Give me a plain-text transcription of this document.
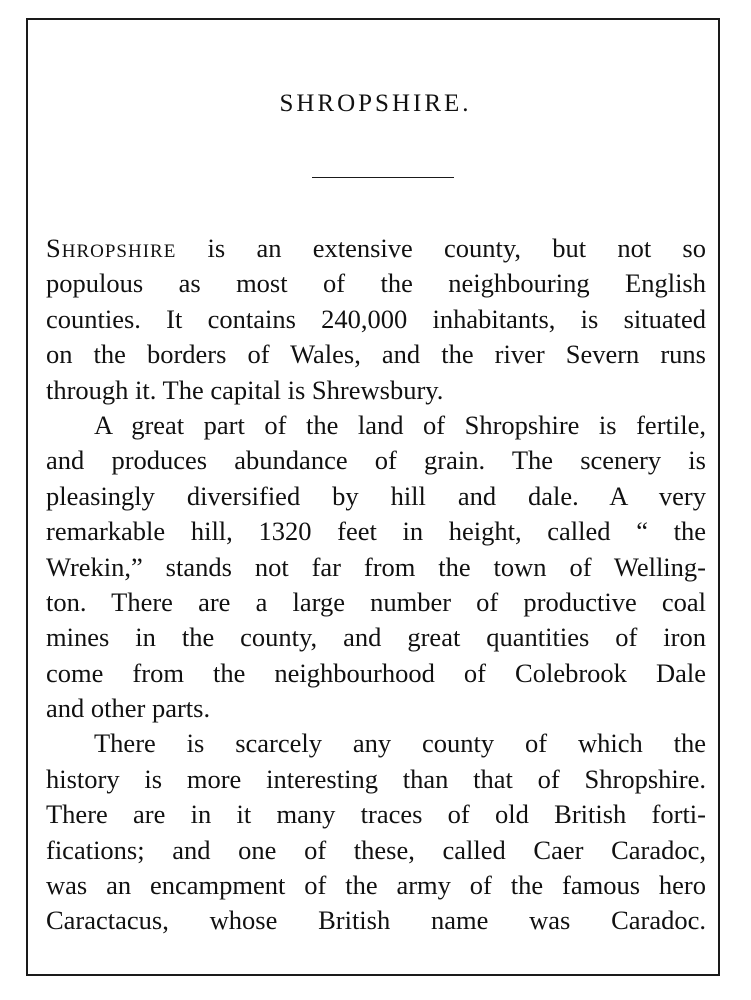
SHROPSHIRE.
Shropshire is an extensive county, but not so
populous as most of the neighbouring English
counties. It contains 240,000 inhabitants, is situated
on the borders of Wales, and the river Severn runs
through it. The capital is Shrewsbury.
A great part of the land of Shropshire is fertile,
and produces abundance of grain. The scenery is
pleasingly diversified by hill and dale. A very
remarkable hill, 1320 feet in height, called “ the
Wrekin,” stands not far from the town of Welling-
ton. There are a large number of productive coal
mines in the county, and great quantities of iron
come from the neighbourhood of Colebrook Dale
and other parts.
There is scarcely any county of which the
history is more interesting than that of Shropshire.
There are in it many traces of old British forti-
fications; and one of these, called Caer Caradoc,
was an encampment of the army of the famous hero
Caractacus, whose British name was Caradoc.
